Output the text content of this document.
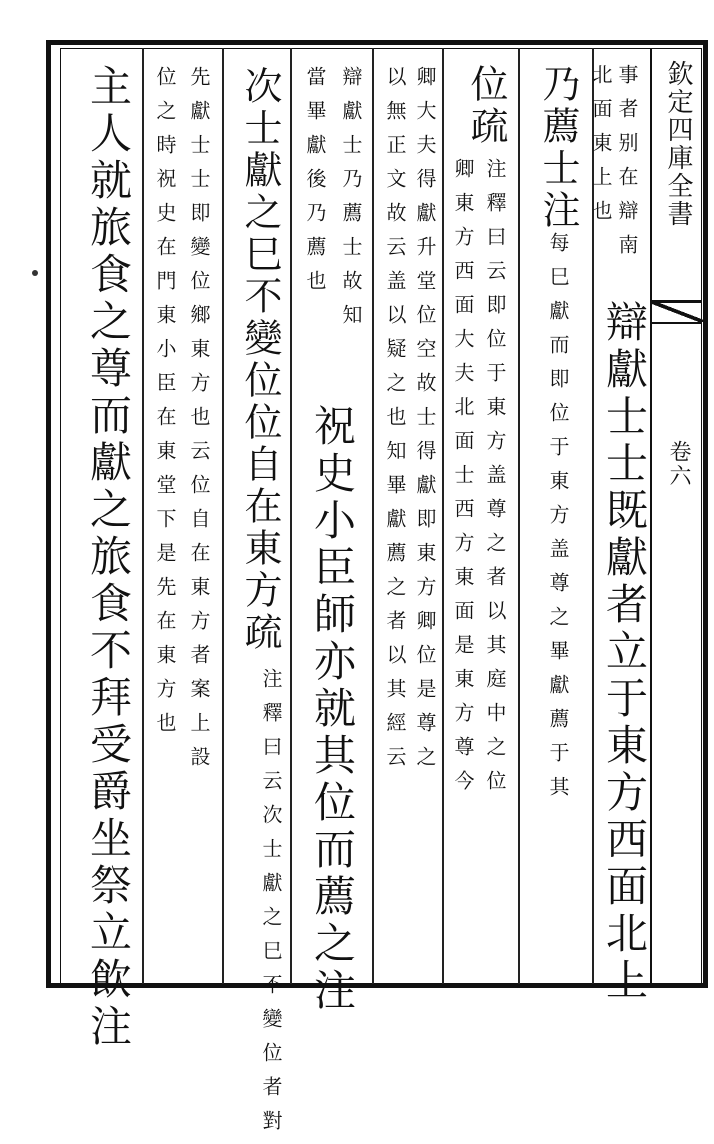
欽定四庫全書
卷六
事者别在辯南
北面東上也
辯獻士士既獻者立于東方西面北上
乃薦士注每巳獻而即位于東方盖尊之畢獻薦于其
位疏
注釋曰云即位于東方盖尊之者以其庭中之位
卿東方西面大夫北面士西方東面是東方尊今
卿大夫得獻升堂位空故士得獻即東方卿位是尊之
以無正文故云盖以疑之也知畢獻薦之者以其經云
辯獻士乃薦士故知
當畢獻後乃薦也
祝史小臣師亦就其位而薦之注
次士獻之巳不變位位自在東方疏
注釋曰云次士獻之巳不變位者對
先獻士士即變位鄉東方也云位自在東方者案上設
位之時祝史在門東小臣在東堂下是先在東方也
主人就旅食之尊而獻之旅食不拜受爵坐祭立飲注
